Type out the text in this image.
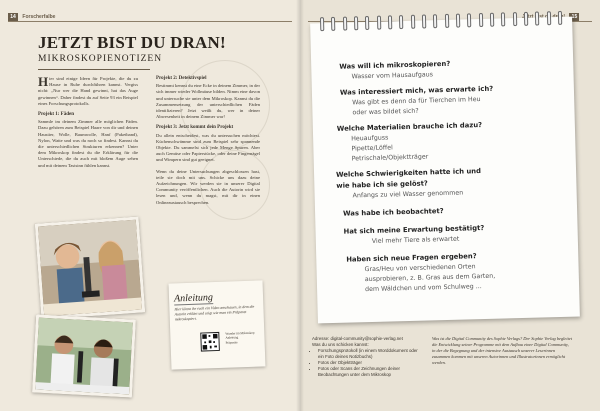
14 Forscherfalbe
JETZT BIST DU DRAN!
MIKROSKOPIENOTIZEN

Hier sind einige Ideen für Projekte, die du zu Hause in Ruhe durchführen kannst. Vergiss nicht: „Nur wer die Hand gewinnt, hat das Auge gewinnen“. Daher findest du auf Seite 93 ein Beispiel eines Forschungsprotokolls.

Projekt 1: Fäden
Sammle im deinem Zimmer alle möglichen Fäden. Dazu gehören zum Beispiel Haare von dir und deinen Haustier, Wolle, Baumwolle, Hanf (Paketband), Nylon, Watte und was du noch so findest. Kannst du die unterschiedlichen Strukturen erkennen? Unter dem Mikroskop findest du die Erklärung für die Unterschiede, die du auch mit bloßem Auge sehen und mit deinem Tastsinn fühlen kannst.

Projekt 2: Detektivspiel
Bestimmt kennst du eine Ecke in deinem Zimmer, in der sich immer wieder Wollmäuse bilden. Nimm eine davon und untersuche sie unter dem Mikroskop. Kannst du die Zusammensetzung der unterschiedlichen Fäden identifizieren? Jetzt weißt du, wer in deiner Abwesenheit in deinem Zimmer war!

Projekt 3: Jetzt kommt dein Projekt
Du allein entscheidest, was du untersuchen möchtest. Küchenschwämme sind zum Beispiel sehr spannende Objekte. Du sammelst sich jede Menge Spuren. Aber auch Gemüse oder Papierstücke, oder deine Fingernägel und Wimpern sind gut geeignet.

Wenn du deine Untersuchungen abgeschlossen hast, teile sie doch mit uns. Schicke uns dazu deine Aufzeichnungen. Wir werden sie in unserer Digital Community veröffentlichen. Auch die Autorin wird sie lesen und, wenn du magst, mit dir in einen Onlineaustausch besprechen.

Anleitung
Hier könnt ihr euch ein Video anschauen, in dem die Autorin erklärt und zeigt wie man ein Präparat mikroskopiert.
Wunder im Mikroskop
Anleitung
Präparate
15
Was will ich mikroskopieren?
Wasser vom Hausaufgaus
Was interessiert mich, was erwarte ich?
Was gibt es denn da für Tierchen im Heu
oder was bildet sich?
Welche Materialien brauche ich dazu?
Heuaufguss
Pipette/Löffel
Petrischale/Objektträger
Welche Schwierigkeiten hatte ich und
wie habe ich sie gelöst?
Anfangs zu viel Wasser genommen
Was habe ich beobachtet?
Hat sich meine Erwartung bestätigt?
Viel mehr Tiere als erwartet
Haben sich neue Fragen ergeben?
Gras/Heu von verschiedenen Orten
ausprobieren, z. B. Gras aus dem Garten,
dem Wäldchen und vom Schulweg ...
Adresse: digital-community@sophie-verlag.net
Was du uns schicken kannst:
• Forschungsprotokoll (in einem Worddokument oder ein Foto deines Notizbuchs)
• Fotos der Objektträger
• Fotos oder Scans der Zeichnungen deiner Beobachtungen unter dem Mikroskop
Was ist die Digital Community des Sophie Verlags? Der Sophie Verlag begleitet die Entwicklung seiner Programme mit dem Aufbau einer Digital Community, in der die Begegnung und der intensive Austausch unserer Leserinnen zusammen kommen mit unseren Autorinnen und Illustratorinnen ermöglicht werden.
